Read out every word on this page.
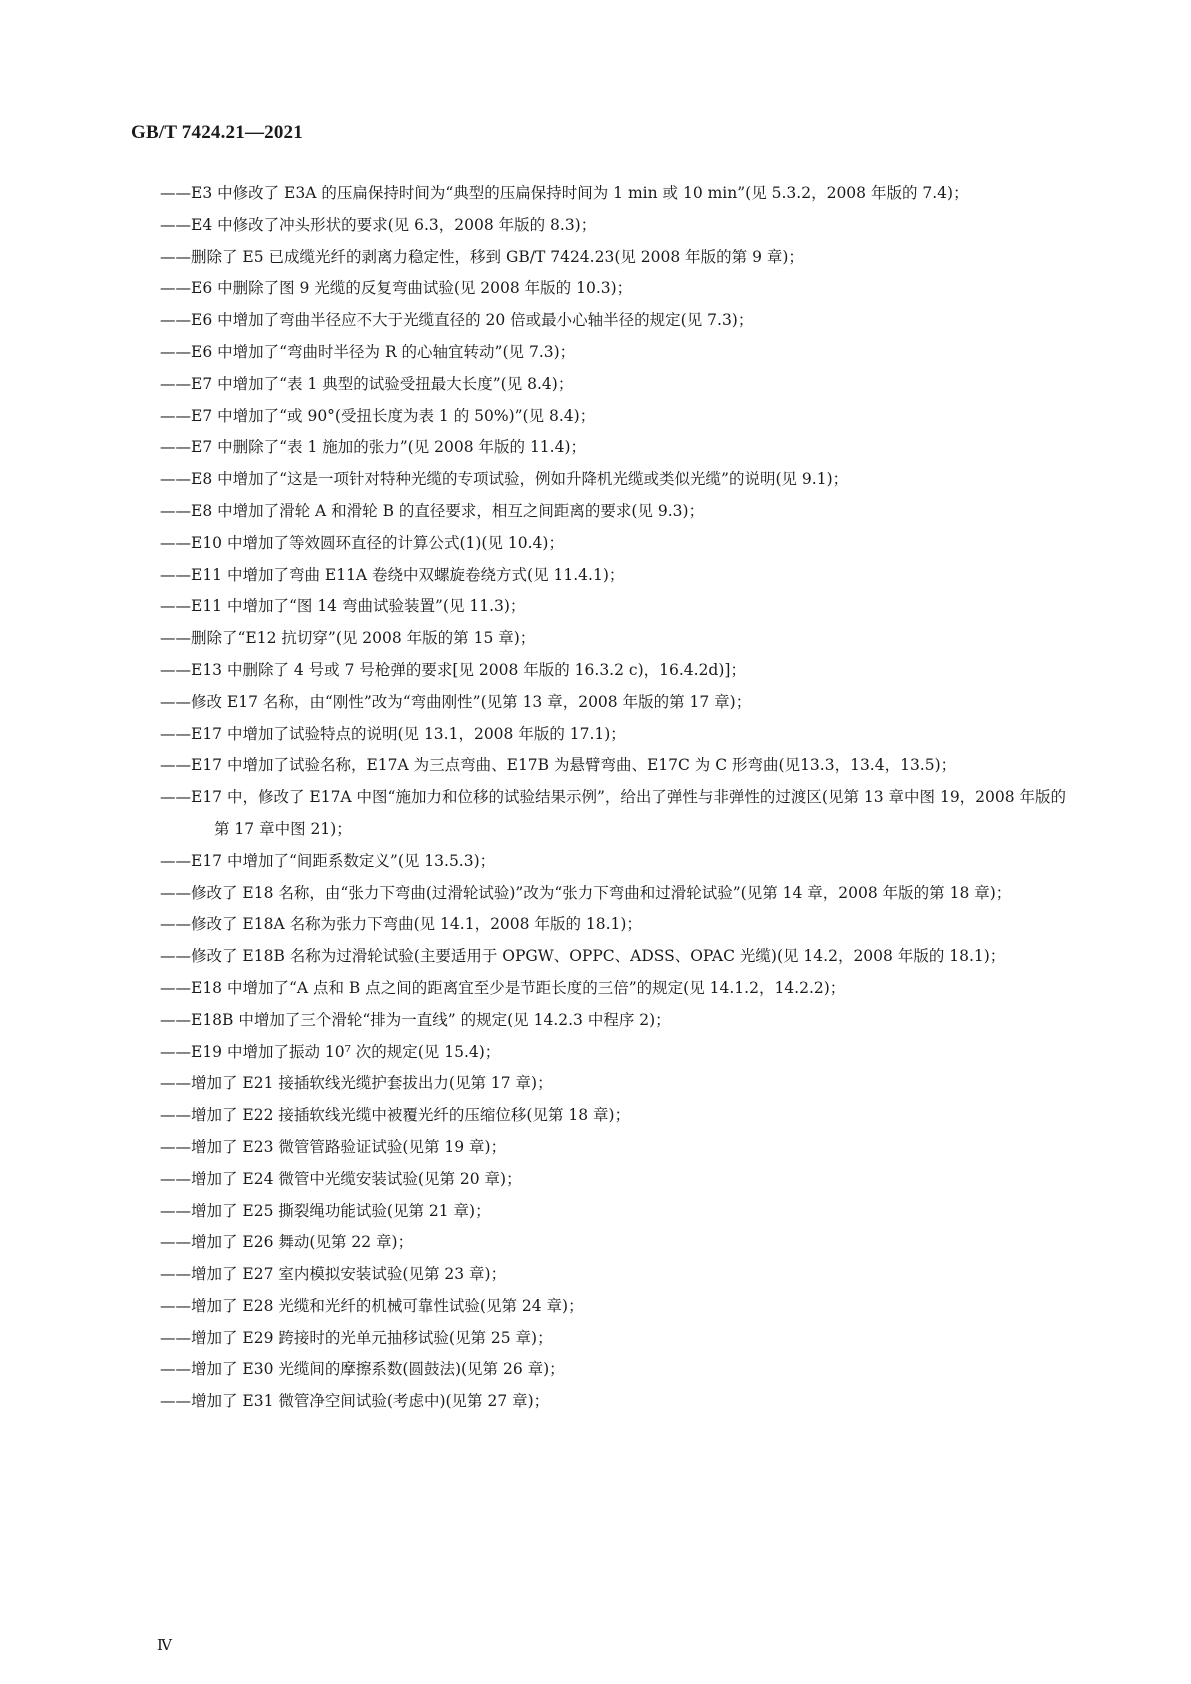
GB/T 7424.21—2021
——E3 中修改了 E3A 的压扁保持时间为“典型的压扁保持时间为 1 min 或 10 min”(见 5.3.2，2008 年版的 7.4)；
——E4 中修改了冲头形状的要求(见 6.3，2008 年版的 8.3)；
——删除了 E5 已成缆光纤的剥离力稳定性，移到 GB/T 7424.23(见 2008 年版的第 9 章)；
——E6 中删除了图 9 光缆的反复弯曲试验(见 2008 年版的 10.3)；
——E6 中增加了弯曲半径应不大于光缆直径的 20 倍或最小心轴半径的规定(见 7.3)；
——E6 中增加了“弯曲时半径为 R 的心轴宜转动”(见 7.3)；
——E7 中增加了“表 1 典型的试验受扭最大长度”(见 8.4)；
——E7 中增加了“或 90°(受扭长度为表 1 的 50%)”(见 8.4)；
——E7 中删除了“表 1 施加的张力”(见 2008 年版的 11.4)；
——E8 中增加了“这是一项针对特种光缆的专项试验，例如升降机光缆或类似光缆”的说明(见 9.1)；
——E8 中增加了滑轮 A 和滑轮 B 的直径要求，相互之间距离的要求(见 9.3)；
——E10 中增加了等效圆环直径的计算公式(1)(见 10.4)；
——E11 中增加了弯曲 E11A 卷绕中双螺旋卷绕方式(见 11.4.1)；
——E11 中增加了“图 14 弯曲试验装置”(见 11.3)；
——删除了“E12 抗切穿”(见 2008 年版的第 15 章)；
——E13 中删除了 4 号或 7 号枪弹的要求[见 2008 年版的 16.3.2 c)，16.4.2d)]；
——修改 E17 名称，由“刚性”改为“弯曲刚性”(见第 13 章，2008 年版的第 17 章)；
——E17 中增加了试验特点的说明(见 13.1，2008 年版的 17.1)；
——E17 中增加了试验名称，E17A 为三点弯曲、E17B 为悬臂弯曲、E17C 为 C 形弯曲(见13.3，13.4，13.5)；
——E17 中，修改了 E17A 中图“施加力和位移的试验结果示例”，给出了弹性与非弹性的过渡区(见第 13 章中图 19，2008 年版的第 17 章中图 21)；
——E17 中增加了“间距系数定义”(见 13.5.3)；
——修改了 E18 名称，由“张力下弯曲(过滑轮试验)”改为“张力下弯曲和过滑轮试验”(见第 14 章，2008 年版的第 18 章)；
——修改了 E18A 名称为张力下弯曲(见 14.1，2008 年版的 18.1)；
——修改了 E18B 名称为过滑轮试验(主要适用于 OPGW、OPPC、ADSS、OPAC 光缆)(见 14.2，2008 年版的 18.1)；
——E18 中增加了“A 点和 B 点之间的距离宜至少是节距长度的三倍”的规定(见 14.1.2，14.2.2)；
——E18B 中增加了三个滑轮“排为一直线” 的规定(见 14.2.3 中程序 2)；
——E19 中增加了振动 10⁷ 次的规定(见 15.4)；
——增加了 E21 接插软线光缆护套拔出力(见第 17 章)；
——增加了 E22 接插软线光缆中被覆光纤的压缩位移(见第 18 章)；
——增加了 E23 微管管路验证试验(见第 19 章)；
——增加了 E24 微管中光缆安装试验(见第 20 章)；
——增加了 E25 撕裂绳功能试验(见第 21 章)；
——增加了 E26 舞动(见第 22 章)；
——增加了 E27 室内模拟安装试验(见第 23 章)；
——增加了 E28 光缆和光纤的机械可靠性试验(见第 24 章)；
——增加了 E29 跨接时的光单元抽移试验(见第 25 章)；
——增加了 E30 光缆间的摩擦系数(圆鼓法)(见第 26 章)；
——增加了 E31 微管净空间试验(考虑中)(见第 27 章)；
Ⅳ
